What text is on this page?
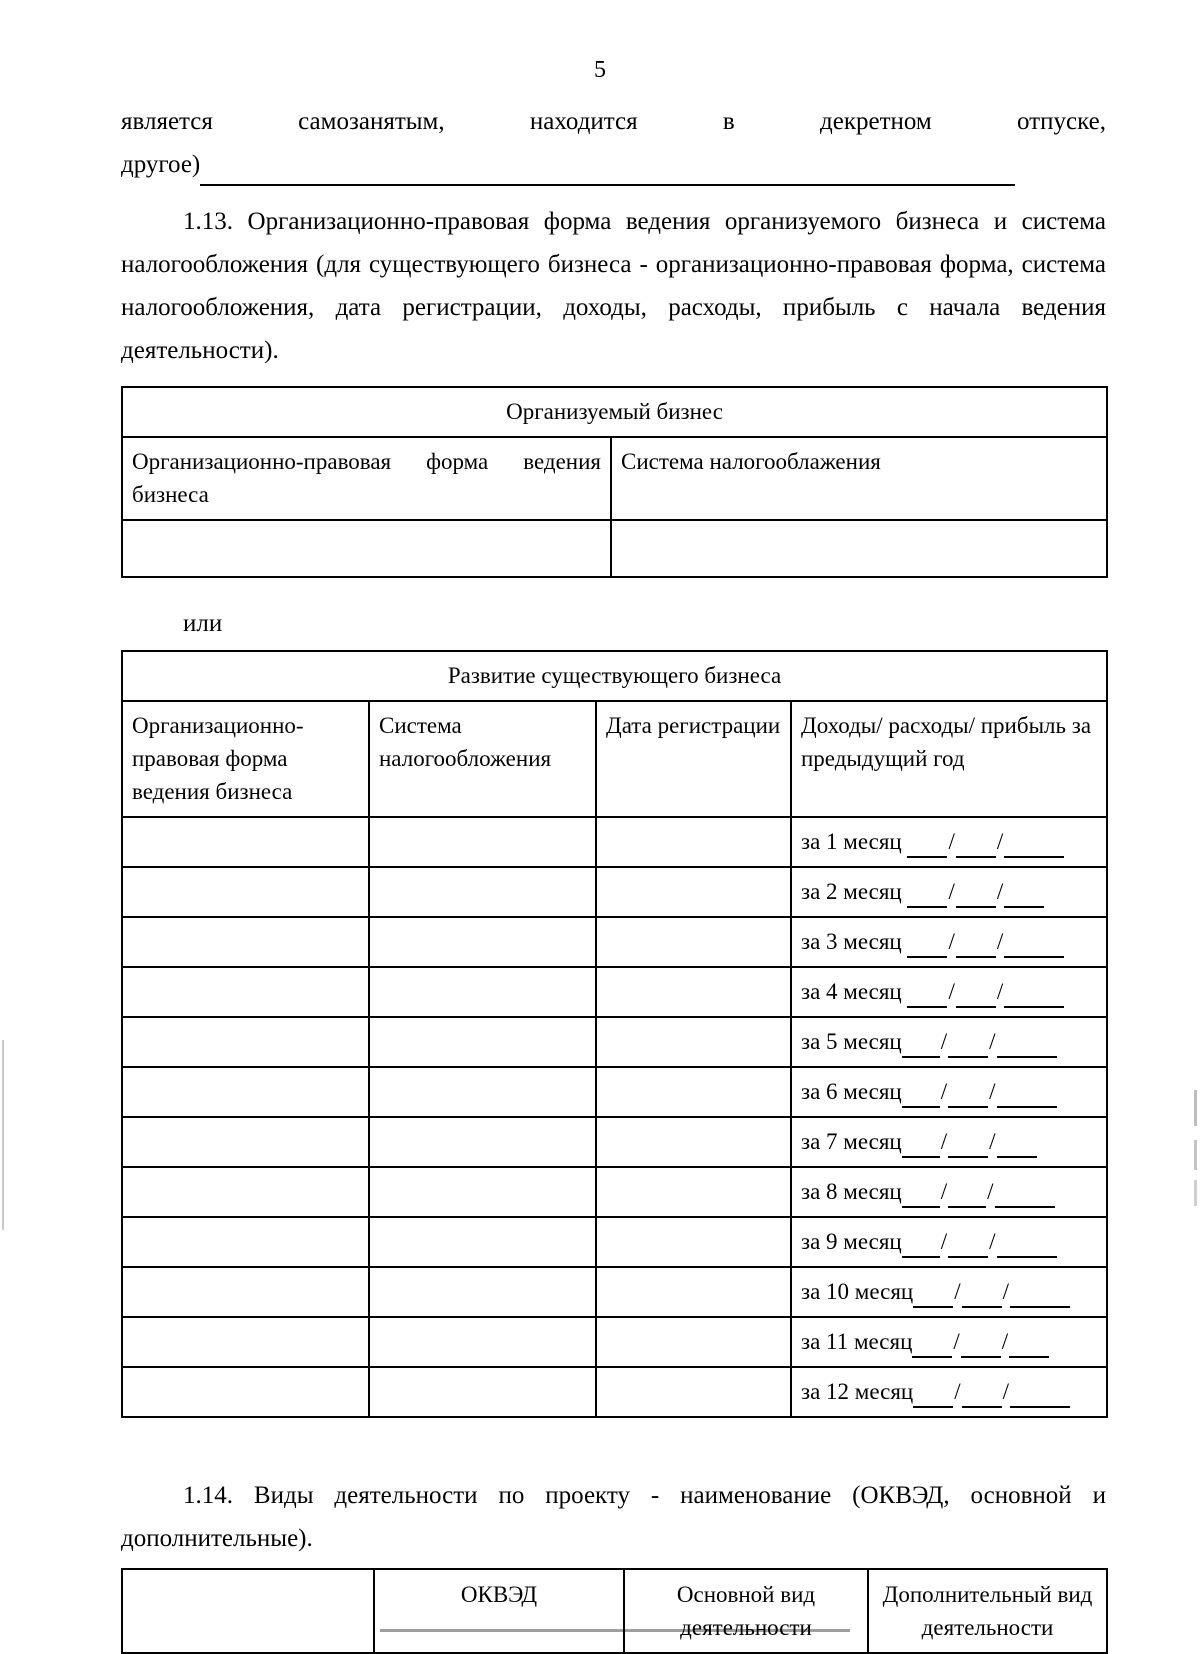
5

является	самозанятым,	находится	в	декретном	отпуске,

другое)

1.13. Организационно-правовая форма ведения организуемого бизнеса и система налогообложения (для существующего бизнеса - организационно-правовая форма, система налогообложения, дата регистрации, доходы, расходы, прибыль с начала ведения деятельности).

Организуемый бизнес	
Организационно-правовая форма ведения бизнеса	Система налогооблажения

или
Развитие существующего бизнеса			
Организационно-правовая форма ведения бизнеса	Система налогообложения	Дата регистрации	Доходы/ расходы/ прибыль за предыдущий год
			за 1 месяц / /
			за 2 месяц / /
			за 3 месяц / /
			за 4 месяц / /
			за 5 месяц / /
			за 6 месяц / /
			за 7 месяц / /
			за 8 месяц / /
			за 9 месяц / /
			за 10 месяц / /
			за 11 месяц / /
			за 12 месяц / /

1.14. Виды деятельности по проекту - наименование (ОКВЭД, основной и дополнительные).

	ОКВЭД	Основной вид деятельности	Дополнительный вид деятельности
